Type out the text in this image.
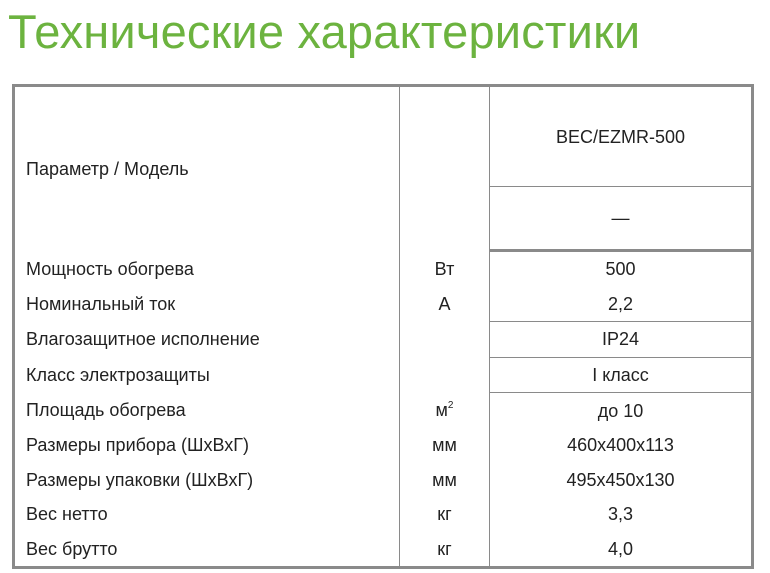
Технические характеристики
Параметр / Модель		BEC/EZMR-500
		—
Мощность обогрева	Вт	500
Номинальный ток	А	2,2
Влагозащитное исполнение		IP24
Класс электрозащиты		I класс
Площадь обогрева	$м^2$	до 10
Размеры прибора (ШхВхГ)	мм	460х400х113
Размеры упаковки (ШхВхГ)	мм	495х450х130
Вес нетто	кг	3,3
Вес брутто	кг	4,0
